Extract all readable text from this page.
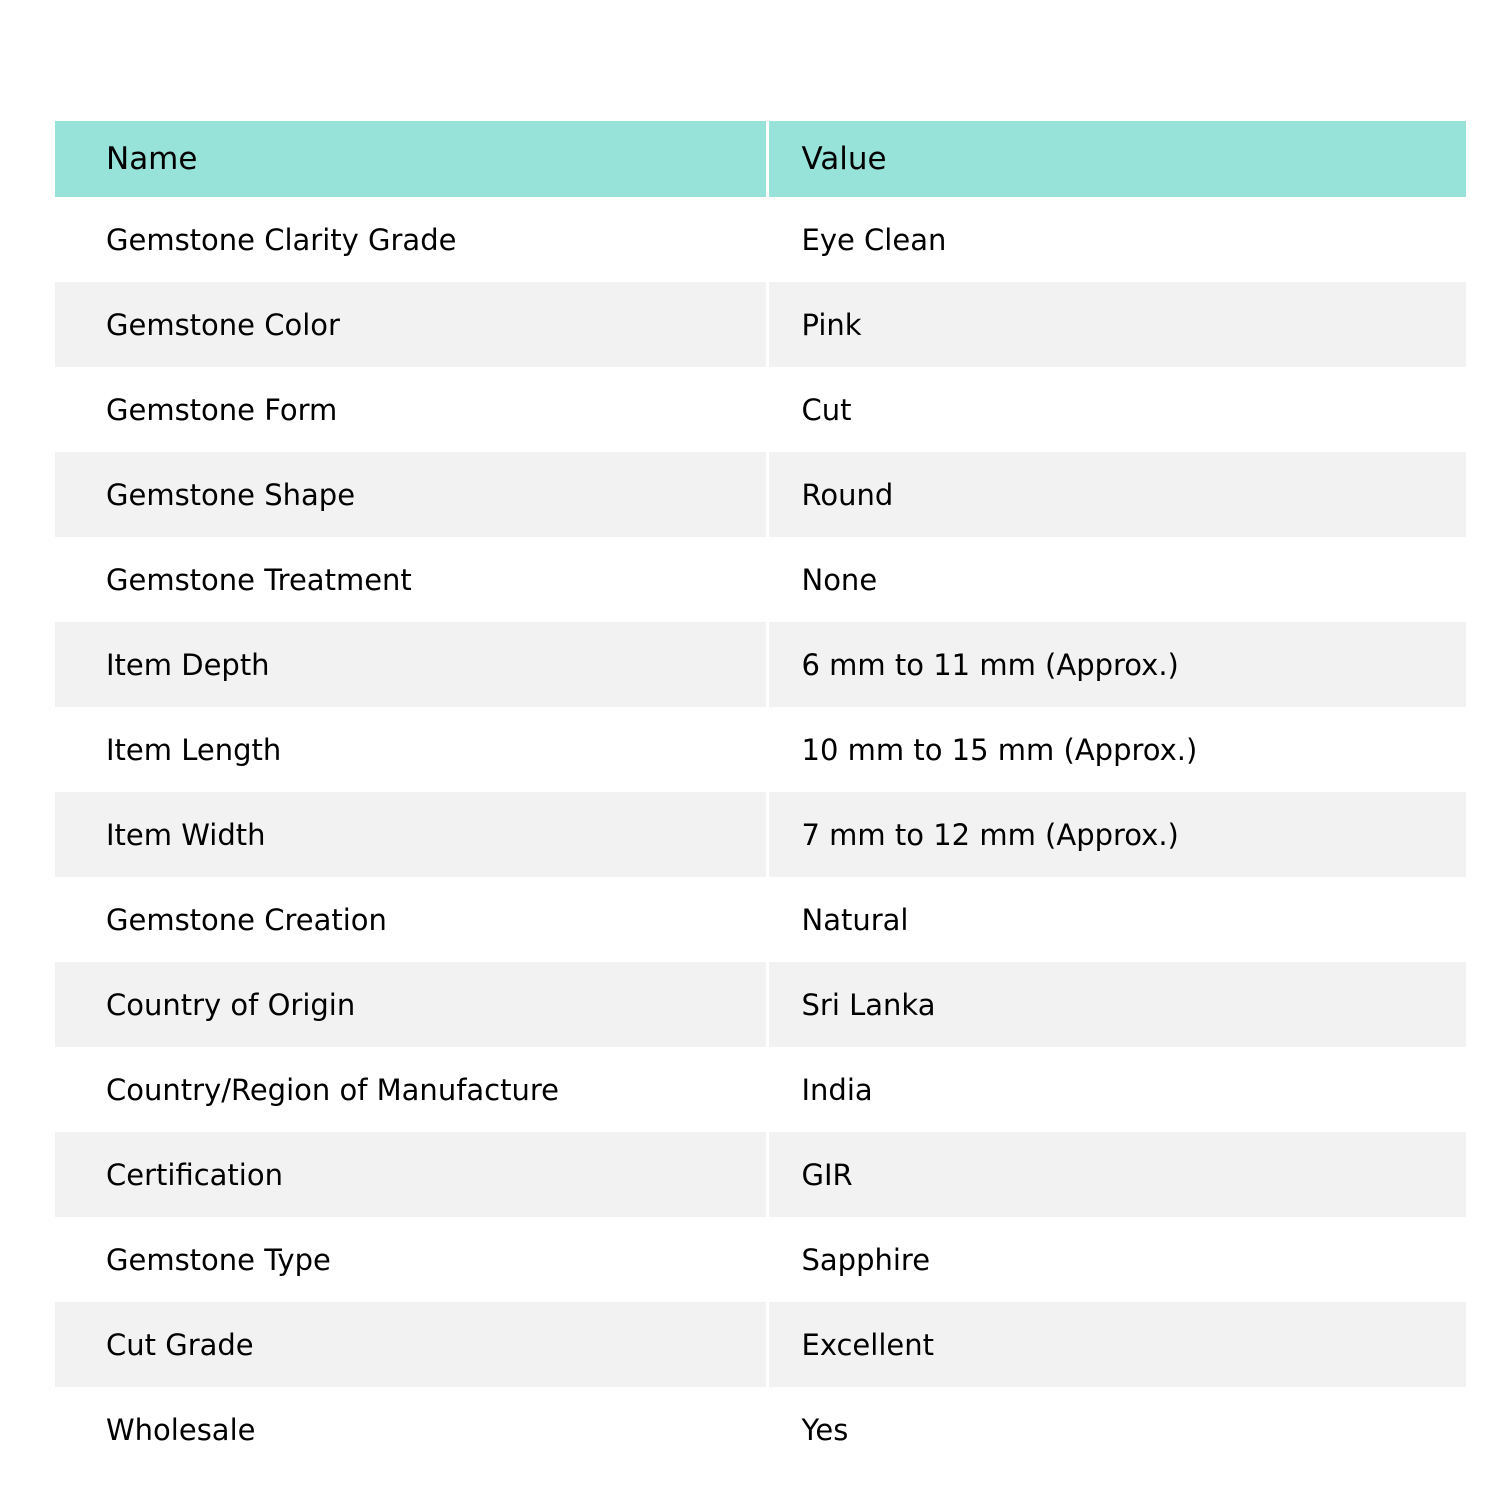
Name	Value
Gemstone Clarity Grade	Eye Clean
Gemstone Color	Pink
Gemstone Form	Cut
Gemstone Shape	Round
Gemstone Treatment	None
Item Depth	6 mm to 11 mm (Approx.)
Item Length	10 mm to 15 mm (Approx.)
Item Width	7 mm to 12 mm (Approx.)
Gemstone Creation	Natural
Country of Origin	Sri Lanka
Country/Region of Manufacture	India
Certification	GIR
Gemstone Type	Sapphire
Cut Grade	Excellent
Wholesale	Yes
